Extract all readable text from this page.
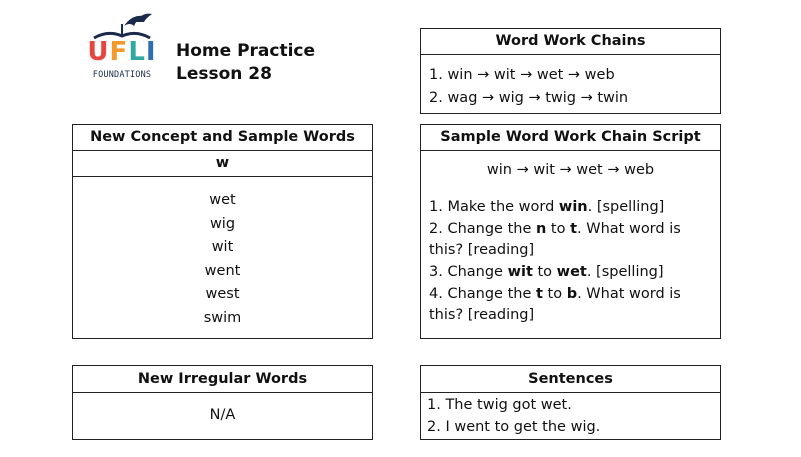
UFLI
FOUNDATIONS
Home Practice
Lesson 28
New Concept and Sample Words
w
wet
wig
wit
went
west
swim
Word Work Chains
1. win → wit → wet → web
2. wag → wig → twig → twin
Sample Word Work Chain Script
win → wit → wet → web
1. Make the word win. [spelling]
2. Change the n to t. What word is this? [reading]
3. Change wit to wet. [spelling]
4. Change the t to b. What word is this? [reading]
New Irregular Words
N/A
Sentences
1. The twig got wet.
2. I went to get the wig.
